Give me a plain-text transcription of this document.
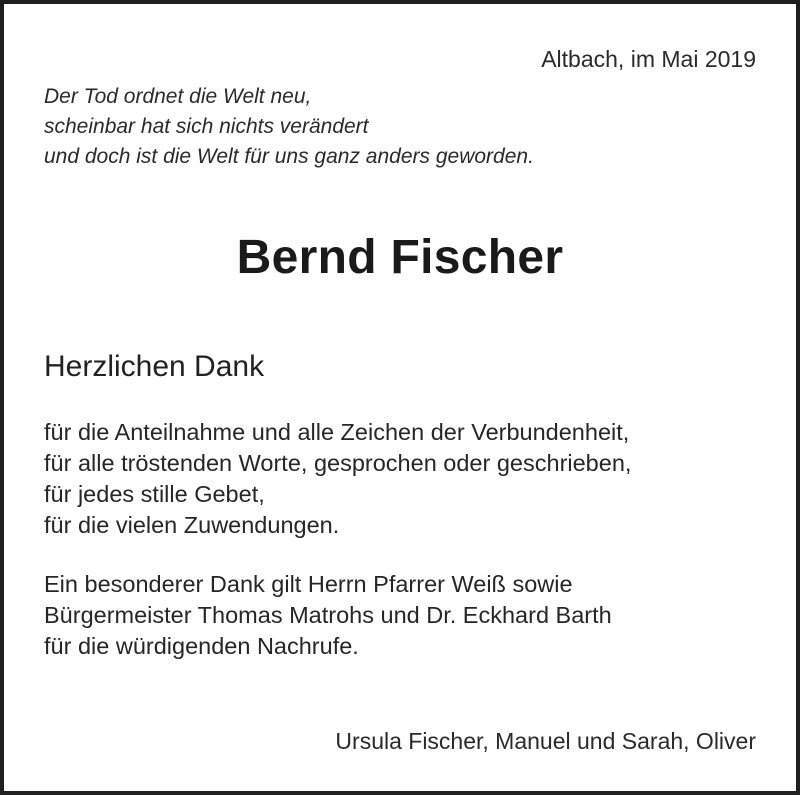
Altbach, im Mai 2019
Der Tod ordnet die Welt neu,
scheinbar hat sich nichts verändert
und doch ist die Welt für uns ganz anders geworden.
Bernd Fischer
Herzlichen Dank
für die Anteilnahme und alle Zeichen der Verbundenheit,
für alle tröstenden Worte, gesprochen oder geschrieben,
für jedes stille Gebet,
für die vielen Zuwendungen.
Ein besonderer Dank gilt Herrn Pfarrer Weiß sowie
Bürgermeister Thomas Matrohs und Dr. Eckhard Barth
für die würdigenden Nachrufe.
Ursula Fischer, Manuel und Sarah, Oliver
